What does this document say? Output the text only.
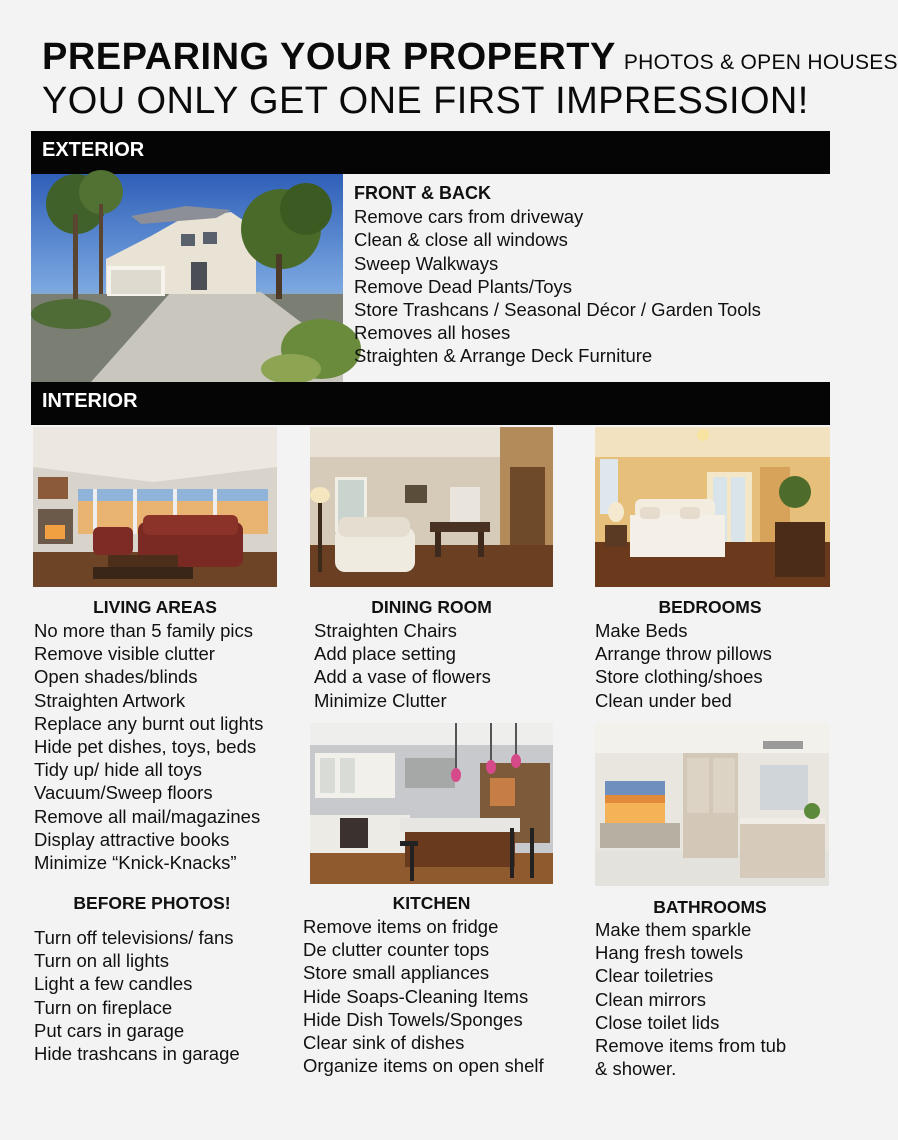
PREPARING YOUR PROPERTY PHOTOS & OPEN HOUSES
YOU ONLY GET ONE FIRST IMPRESSION!
EXTERIOR
FRONT & BACK
Remove cars from driveway
Clean & close all windows
Sweep Walkways
Remove Dead Plants/Toys
Store Trashcans / Seasonal Décor / Garden Tools
Removes all hoses
Straighten & Arrange Deck Furniture
INTERIOR
LIVING AREAS	DINING ROOM	BEDROOMS
No more than 5 family pics
Remove visible clutter
Open shades/blinds
Straighten Artwork
Replace any burnt out lights
Hide pet dishes, toys, beds
Tidy up/ hide all toys
Vacuum/Sweep floors
Remove all mail/magazines
Display attractive books
Minimize “Knick-Knacks”
Straighten Chairs
Add place setting
Add a vase of flowers
Minimize Clutter
Make Beds
Arrange throw pillows
Store clothing/shoes
Clean under bed
BEFORE PHOTOS!
Turn off televisions/ fans
Turn on all lights
Light a few candles
Turn on fireplace
Put cars in garage
Hide trashcans in garage
KITCHEN
Remove items on fridge
De clutter counter tops
Store small appliances
Hide Soaps-Cleaning Items
Hide Dish Towels/Sponges
Clear sink of dishes
Organize items on open shelf
BATHROOMS
Make them sparkle
Hang fresh towels
Clear toiletries
Clean mirrors
Close toilet lids
Remove items from tub
& shower.
